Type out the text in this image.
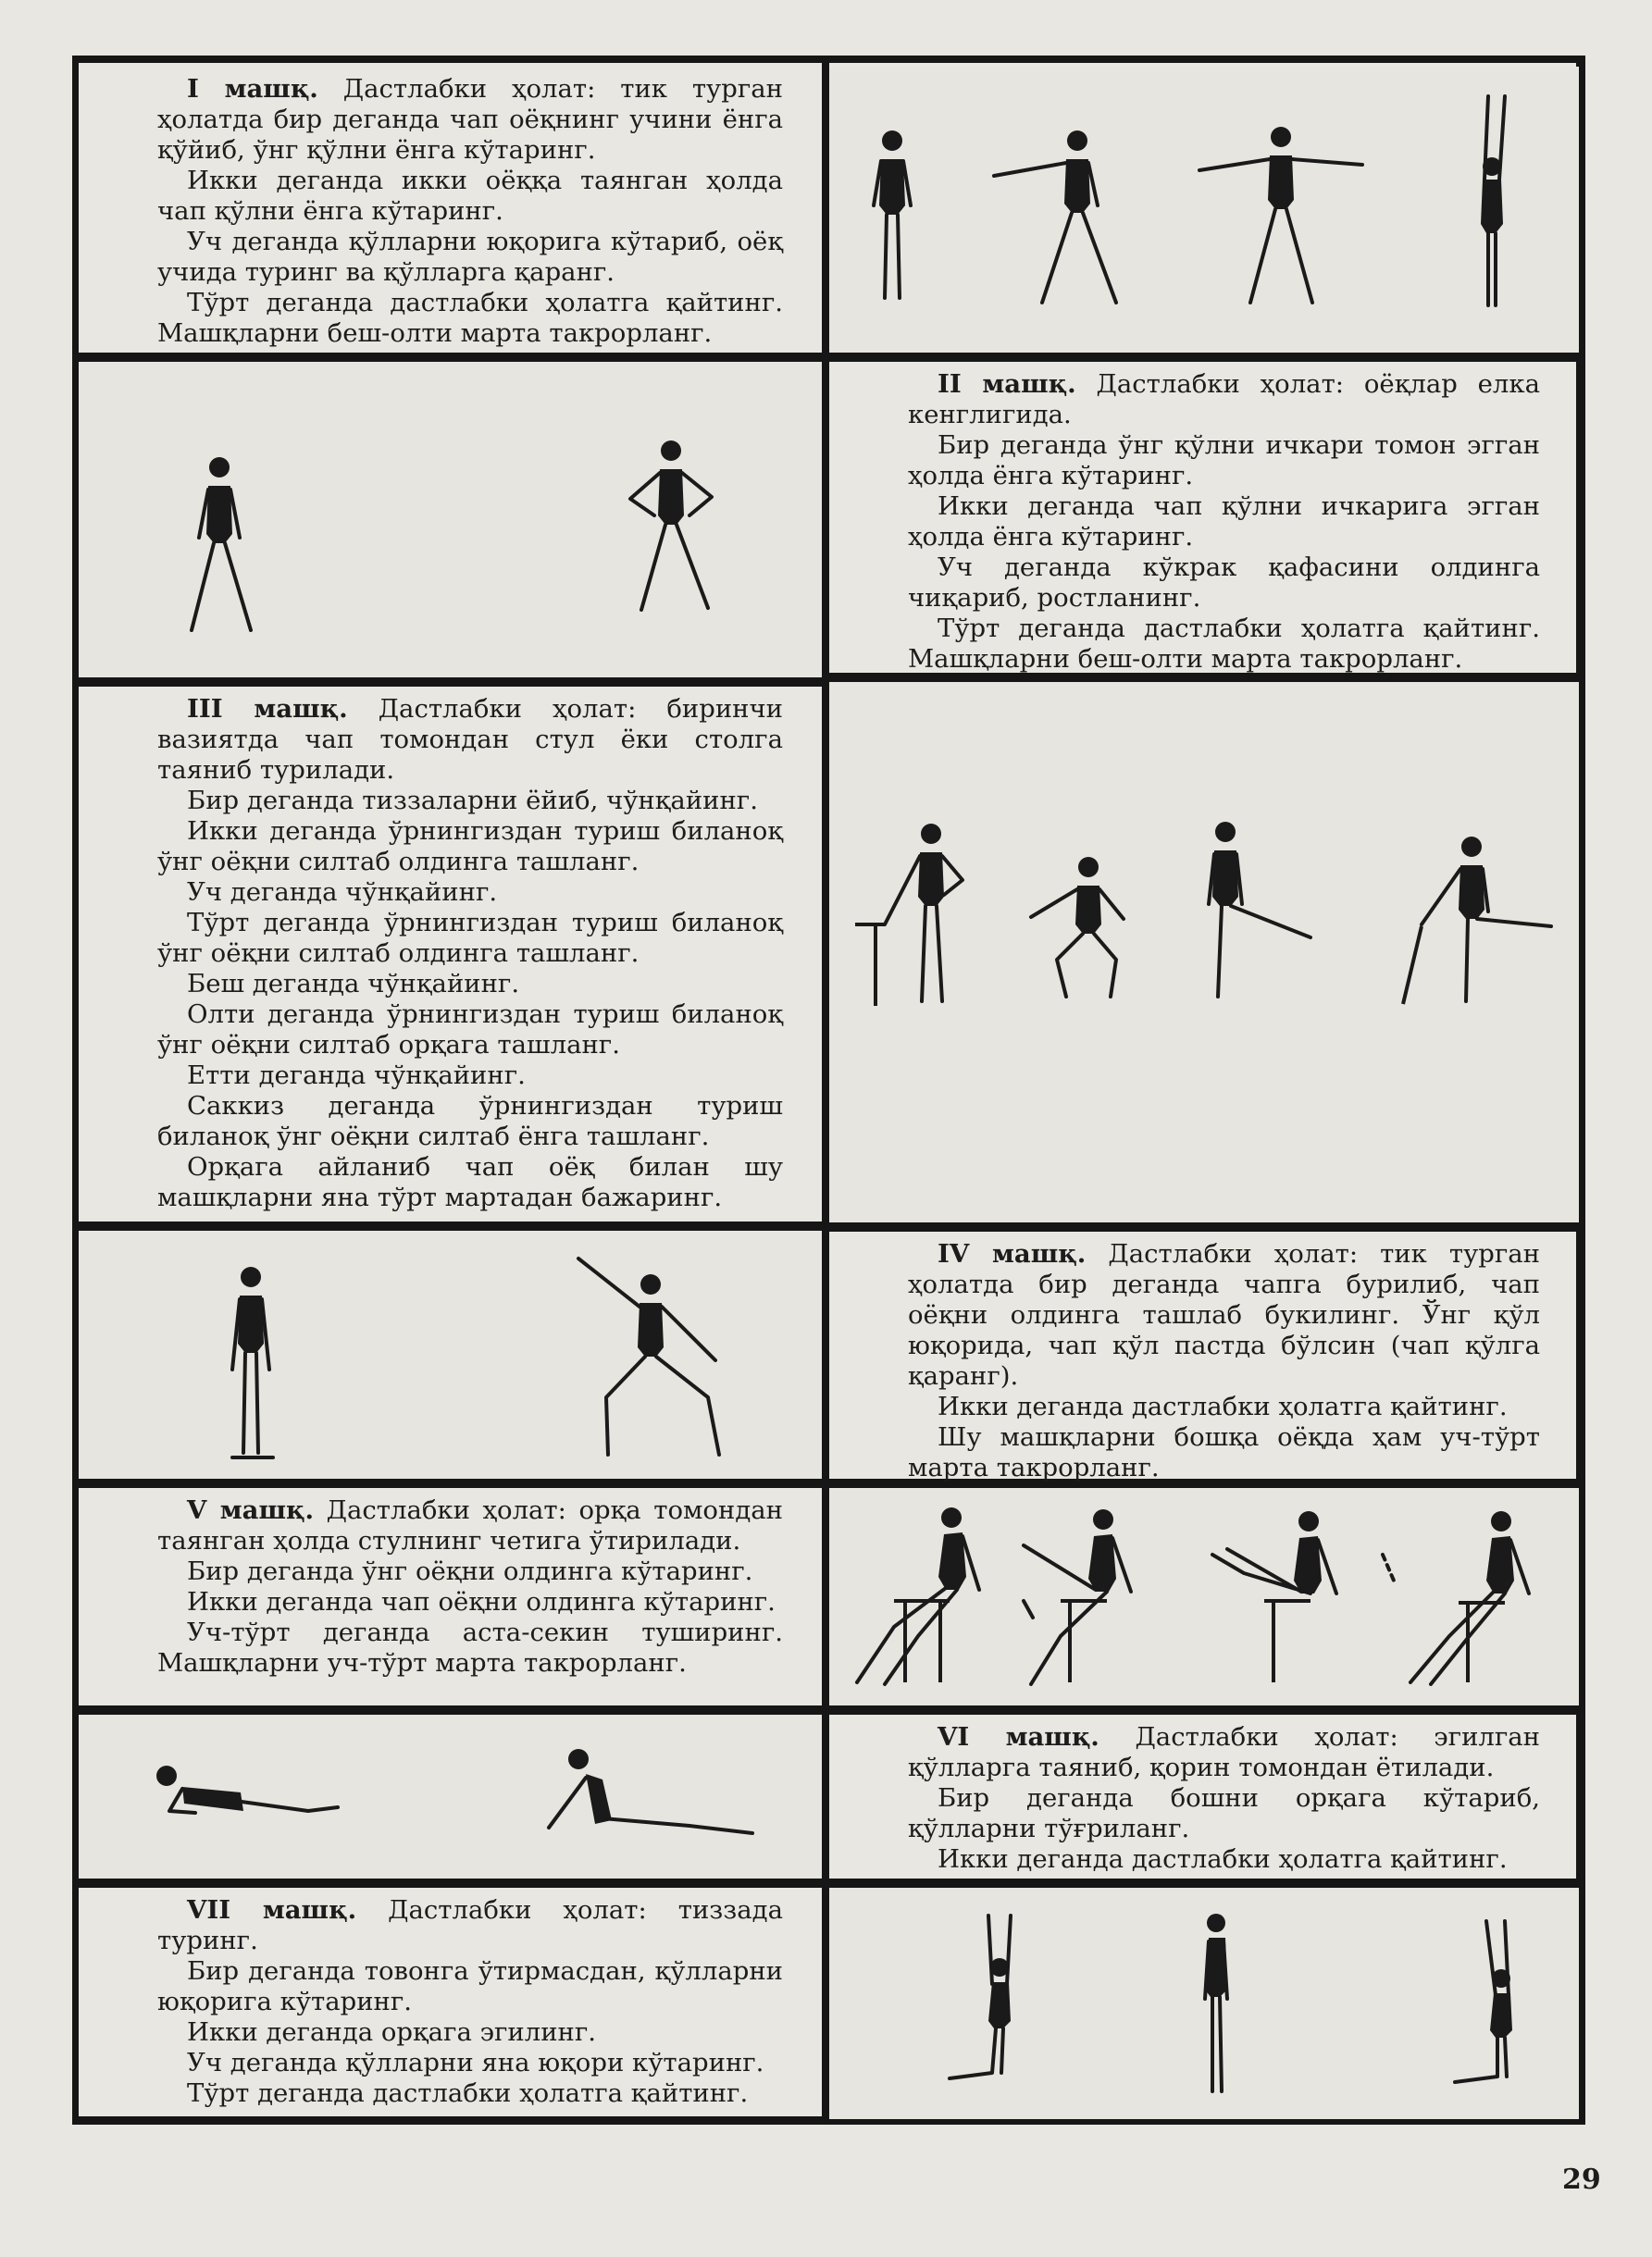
I машқ. Дастлабки ҳолат: тик турган ҳолатда бир деганда чап оёқнинг учини ёнга қўйиб, ўнг қўлни ёнга кўтаринг.

Икки деганда икки оёққа таянган ҳолда чап қўлни ёнга кўтаринг.

Уч деганда қўлларни юқорига кўтариб, оёқ учида туринг ва қўлларга қаранг.

Тўрт деганда дастлабки ҳолатга қайтинг. Машқларни беш-олти марта такрорланг.

II машқ. Дастлабки ҳолат: оёқлар елка кенглигида.

Бир деганда ўнг қўлни ичкари томон эгган ҳолда ёнга кўтаринг.

Икки деганда чап қўлни ичкарига эгган ҳолда ёнга кўтаринг.

Уч деганда кўкрак қафасини олдинга чиқариб, ростланинг.

Тўрт деганда дастлабки ҳолатга қайтинг. Машқларни беш-олти марта такрорланг.

III машқ. Дастлабки ҳолат: биринчи вазиятда чап томондан стул ёки столга таяниб турилади.

Бир деганда тиззаларни ёйиб, чўнқайинг.

Икки деганда ўрнингиздан туриш биланоқ ўнг оёқни силтаб олдинга ташланг.

Уч деганда чўнқайинг.

Тўрт деганда ўрнингиздан туриш биланоқ ўнг оёқни силтаб олдинга ташланг.

Беш деганда чўнқайинг.

Олти деганда ўрнингиздан туриш биланоқ ўнг оёқни силтаб орқага ташланг.

Етти деганда чўнқайинг.

Саккиз деганда ўрнингиздан туриш биланоқ ўнг оёқни силтаб ёнга ташланг.

Орқага айланиб чап оёқ билан шу машқларни яна тўрт мартадан бажаринг.

IV машқ. Дастлабки ҳолат: тик турган ҳолатда бир деганда чапга бурилиб, чап оёқни олдинга ташлаб букилинг. Ўнг қўл юқорида, чап қўл пастда бўлсин (чап қўлга қаранг).

Икки деганда дастлабки ҳолатга қайтинг.

Шу машқларни бошқа оёқда ҳам уч-тўрт марта такрорланг.

V машқ. Дастлабки ҳолат: орқа томондан таянган ҳолда стулнинг четига ўтирилади.

Бир деганда ўнг оёқни олдинга кўтаринг.

Икки деганда чап оёқни олдинга кўтаринг.

Уч-тўрт деганда аста-секин туширинг. Машқларни уч-тўрт марта такрорланг.

VI машқ. Дастлабки ҳолат: эгилган қўлларга таяниб, қорин томондан ётилади.

Бир деганда бошни орқага кўтариб, қўлларни тўғриланг.

Икки деганда дастлабки ҳолатга қайтинг.

VII машқ. Дастлабки ҳолат: тиззада туринг.

Бир деганда товонга ўтирмасдан, қўлларни юқорига кўтаринг.

Икки деганда орқага эгилинг.

Уч деганда қўлларни яна юқори кўтаринг.

Тўрт деганда дастлабки ҳолатга қайтинг.

29
